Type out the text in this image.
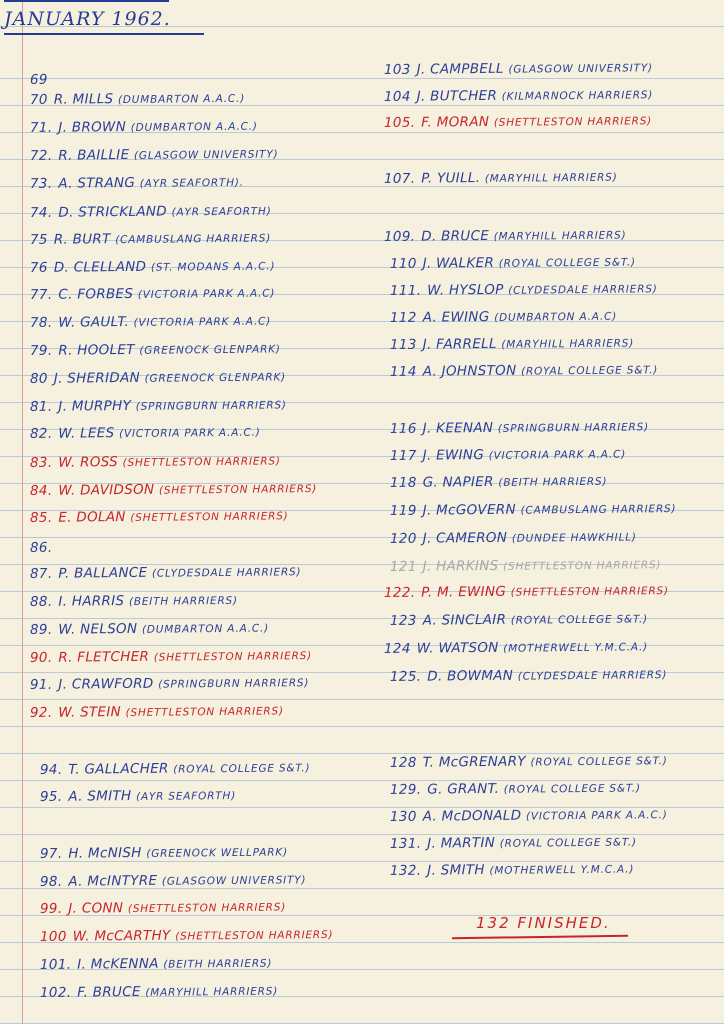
JANUARY 1962.
69
70 R. MILLS (DUMBARTON A.A.C.)
71. J. BROWN (DUMBARTON A.A.C.)
72. R. BAILLIE (GLASGOW UNIVERSITY)
73. A. STRANG (AYR SEAFORTH).
74. D. STRICKLAND (AYR SEAFORTH)
75 R. BURT (CAMBUSLANG HARRIERS)
76 D. CLELLAND (ST. MODANS A.A.C.)
77. C. FORBES (VICTORIA PARK A.A.C)
78. W. GAULT. (VICTORIA PARK A.A.C)
79. R. HOOLET (GREENOCK GLENPARK)
80 J. SHERIDAN (GREENOCK GLENPARK)
81. J. MURPHY (SPRINGBURN HARRIERS)
82. W. LEES (VICTORIA PARK A.A.C.)
83. W. ROSS (SHETTLESTON HARRIERS)
84. W. DAVIDSON (SHETTLESTON HARRIERS)
85. E. DOLAN (SHETTLESTON HARRIERS)
86.
87. P. BALLANCE (CLYDESDALE HARRIERS)
88. I. HARRIS (BEITH HARRIERS)
89. W. NELSON (DUMBARTON A.A.C.)
90. R. FLETCHER (SHETTLESTON HARRIERS)
91. J. CRAWFORD (SPRINGBURN HARRIERS)
92. W. STEIN (SHETTLESTON HARRIERS)
94. T. GALLACHER (ROYAL COLLEGE S&T.)
95. A. SMITH (AYR SEAFORTH)
97. H. McNISH (GREENOCK WELLPARK)
98. A. McINTYRE (GLASGOW UNIVERSITY)
99. J. CONN (SHETTLESTON HARRIERS)
100 W. McCARTHY (SHETTLESTON HARRIERS)
101. I. McKENNA (BEITH HARRIERS)
102. F. BRUCE (MARYHILL HARRIERS)
103 J. CAMPBELL (GLASGOW UNIVERSITY)
104 J. BUTCHER (KILMARNOCK HARRIERS)
105. F. MORAN (SHETTLESTON HARRIERS)
107. P. YUILL. (MARYHILL HARRIERS)
109. D. BRUCE (MARYHILL HARRIERS)
110 J. WALKER (ROYAL COLLEGE S&T.)
111. W. HYSLOP (CLYDESDALE HARRIERS)
112 A. EWING (DUMBARTON A.A.C)
113 J. FARRELL (MARYHILL HARRIERS)
114 A. JOHNSTON (ROYAL COLLEGE S&T.)
116 J. KEENAN (SPRINGBURN HARRIERS)
117 J. EWING (VICTORIA PARK A.A.C)
118 G. NAPIER (BEITH HARRIERS)
119 J. McGOVERN (CAMBUSLANG HARRIERS)
120 J. CAMERON (DUNDEE HAWKHILL)
121 J. HARKINS (SHETTLESTON HARRIERS)
122. P. M. EWING (SHETTLESTON HARRIERS)
123 A. SINCLAIR (ROYAL COLLEGE S&T.)
124 W. WATSON (MOTHERWELL Y.M.C.A.)
125. D. BOWMAN (CLYDESDALE HARRIERS)
128 T. McGRENARY (ROYAL COLLEGE S&T.)
129. G. GRANT. (ROYAL COLLEGE S&T.)
130 A. McDONALD (VICTORIA PARK A.A.C.)
131. J. MARTIN (ROYAL COLLEGE S&T.)
132. J. SMITH (MOTHERWELL Y.M.C.A.)
132 FINISHED.
